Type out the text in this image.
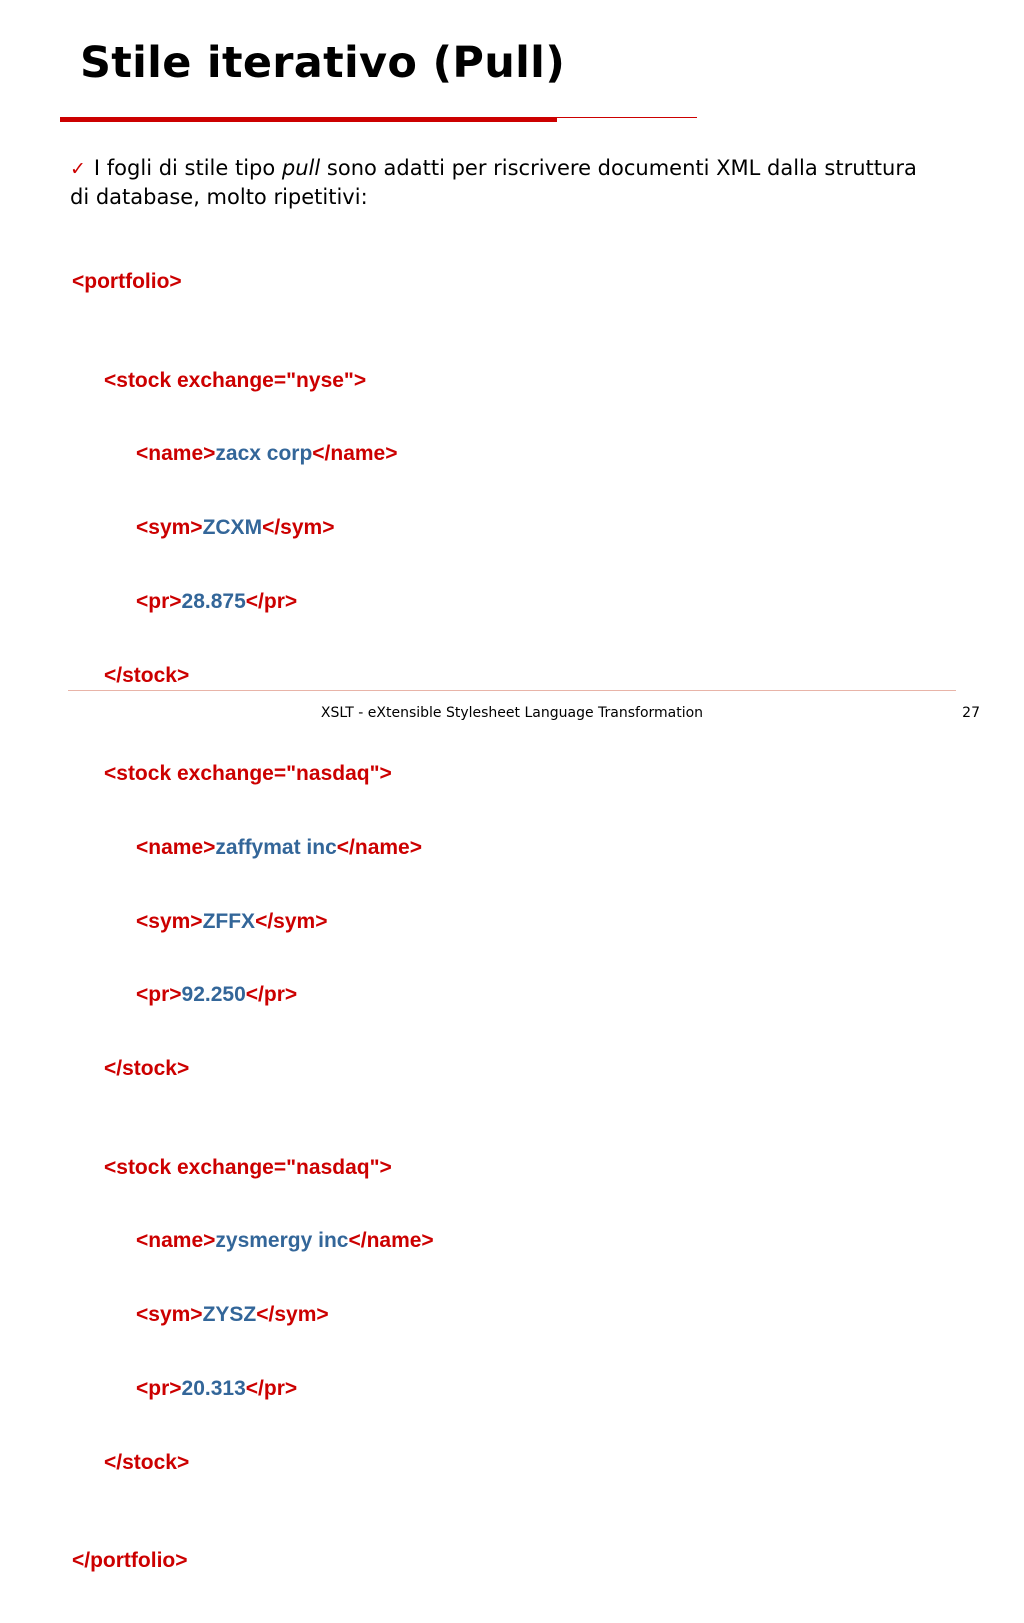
Stile iterativo (Pull)
✓ I fogli di stile tipo pull sono adatti per riscrivere documenti XML dalla struttura di database, molto ripetitivi:

<portfolio>

<stock exchange="nyse">

<name>zacx corp</name>

<sym>ZCXM</sym>

<pr>28.875</pr>

</stock>

<stock exchange="nasdaq">

<name>zaffymat inc</name>

<sym>ZFFX</sym>

<pr>92.250</pr>

</stock>

<stock exchange="nasdaq">

<name>zysmergy inc</name>

<sym>ZYSZ</sym>

<pr>20.313</pr>

</stock>

</portfolio>

XSLT - eXtensible Stylesheet Language Transformation	27
